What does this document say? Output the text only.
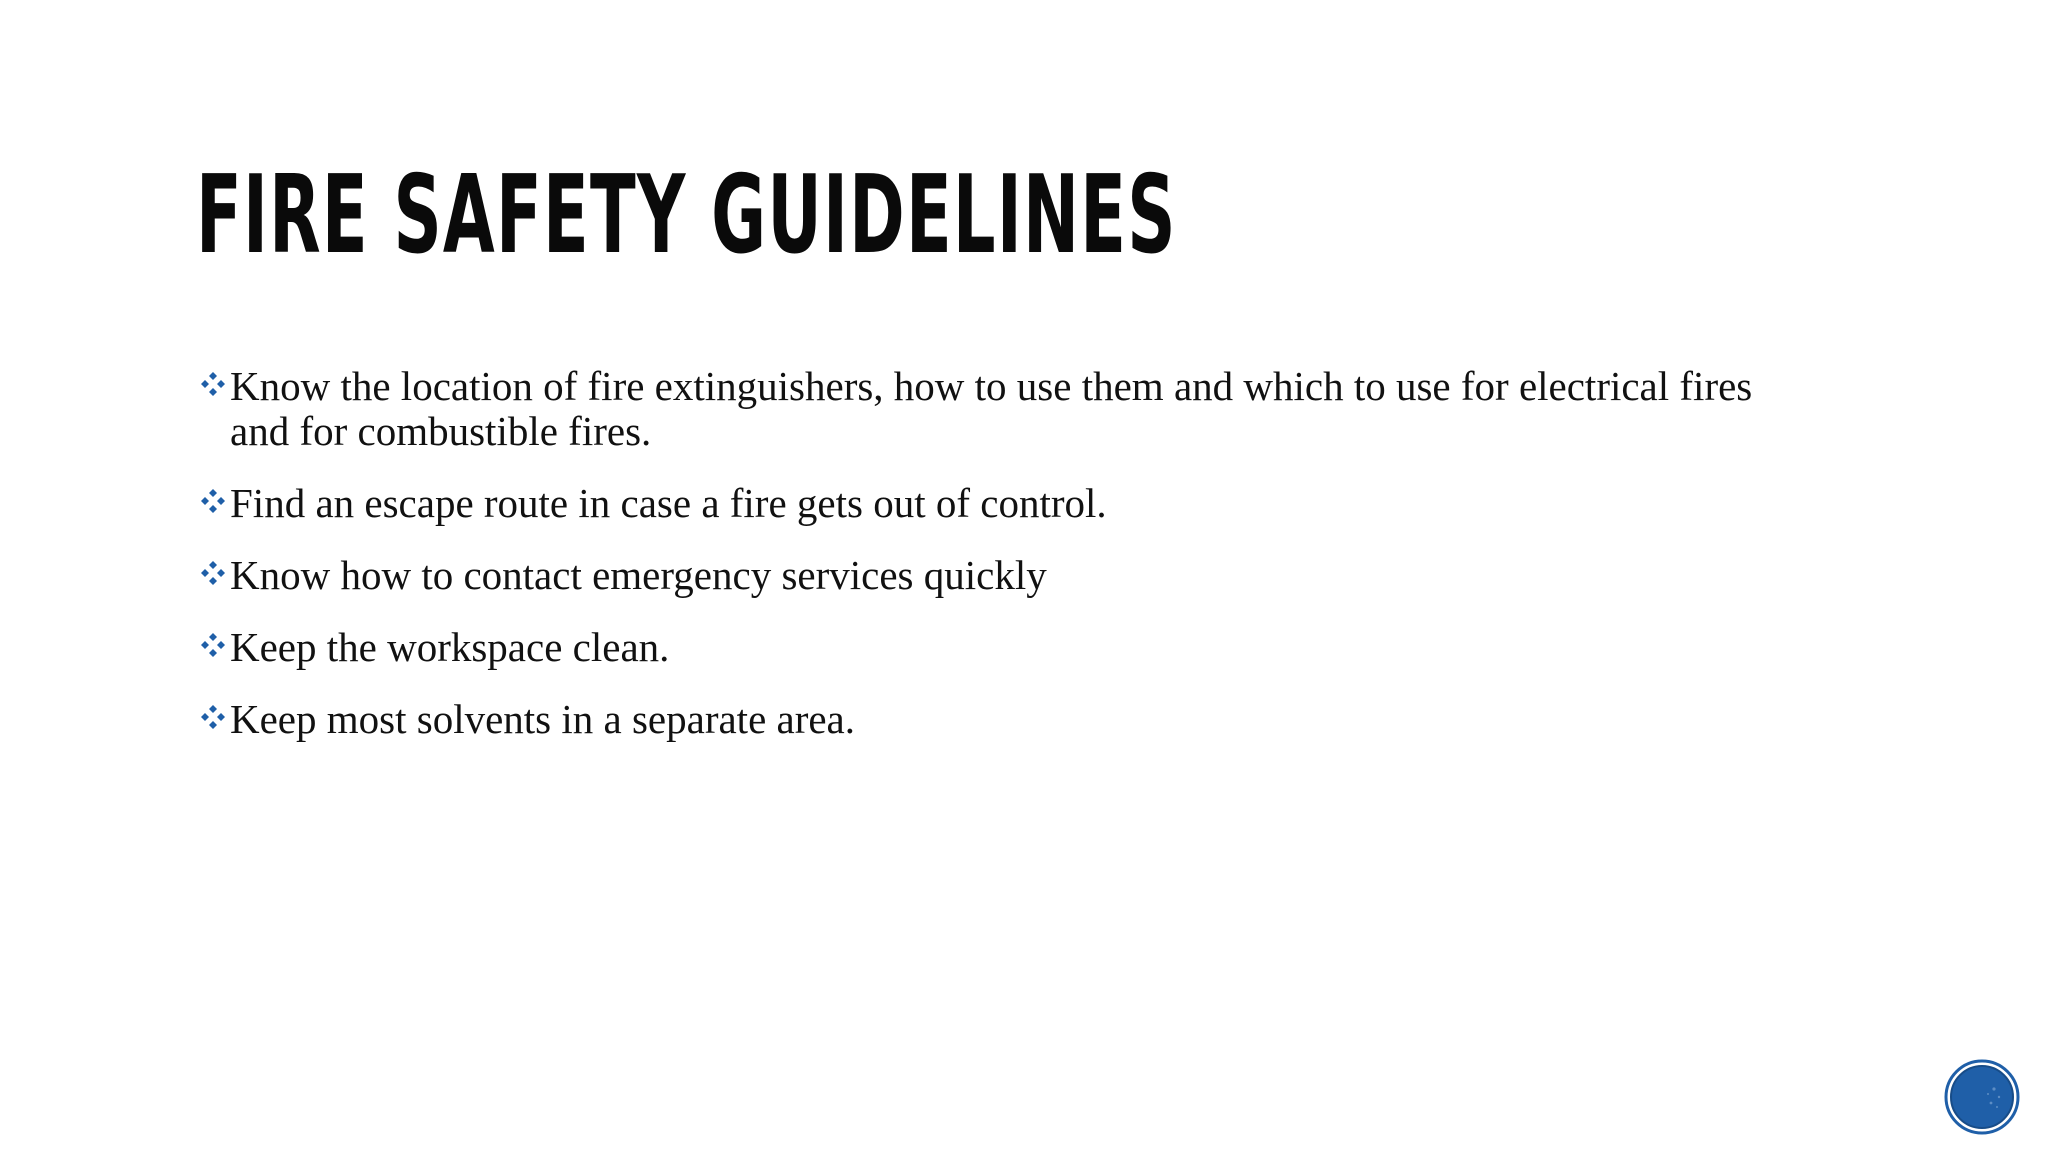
FIRE SAFETY GUIDELINES
Know the location of fire extinguishers, how to use them and which to use for electrical fires and for combustible fires.
Find an escape route in case a fire gets out of control.
Know how to contact emergency services quickly
Keep the workspace clean.
Keep most solvents in a separate area.
